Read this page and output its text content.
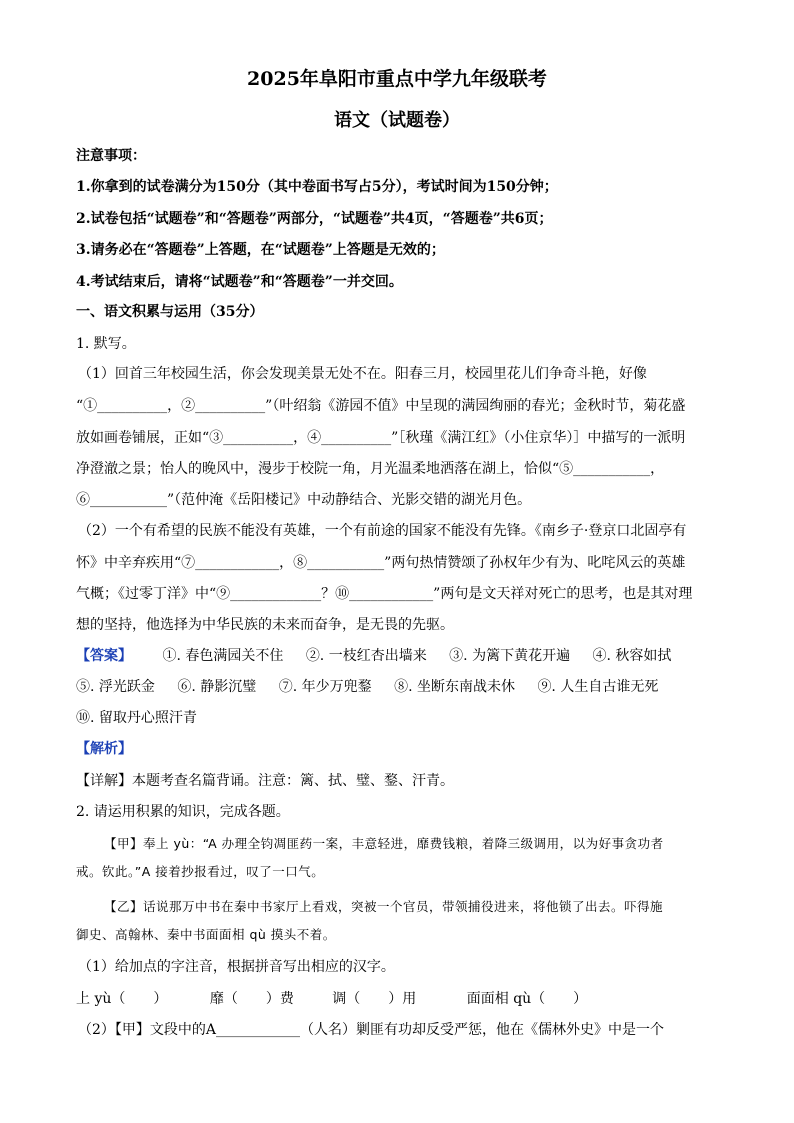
2025年阜阳市重点中学九年级联考
语文（试题卷）
注意事项：
1.你拿到的试卷满分为150分（其中卷面书写占5分），考试时间为150分钟；
2.试卷包括“试题卷”和“答题卷”两部分，“试题卷”共4页，“答题卷”共6页；
3.请务必在“答题卷”上答题，在“试题卷”上答题是无效的；
4.考试结束后，请将“试题卷”和“答题卷”一并交回。
一、语文积累与运用（35分）
1. 默写。
（1）回首三年校园生活，你会发现美景无处不在。阳春三月，校园里花儿们争奇斗艳，好像
“①__________，②__________”（叶绍翁《游园不值》中呈现的满园绚丽的春光；金秋时节，菊花盛
放如画卷铺展，正如“③__________，④__________”［秋瑾《满江红》（小住京华）］中描写的一派明
净澄澈之景；怡人的晚风中，漫步于校院一角，月光温柔地洒落在湖上，恰似“⑤___________，
⑥___________”（范仲淹《岳阳楼记》中动静结合、光影交错的湖光月色。
（2）一个有希望的民族不能没有英雄，一个有前途的国家不能没有先锋。《南乡子·登京口北固亭有
怀》中辛弃疾用“⑦____________，⑧___________”两句热情赞颂了孙权年少有为、叱咤风云的英雄
气概；《过零丁洋》中“⑨_____________？⑩____________”两句是文天祥对死亡的思考，也是其对理
想的坚持，他选择为中华民族的未来而奋争，是无畏的先驱。
【答案】 ①. 春色满园关不住 ②. 一枝红杏出墙来 ③. 为篱下黄花开遍 ④. 秋容如拭
⑤. 浮光跃金 ⑥. 静影沉璧 ⑦. 年少万兜鍪 ⑧. 坐断东南战未休 ⑨. 人生自古谁无死
⑩. 留取丹心照汗青
【解析】
【详解】本题考查名篇背诵。注意：篱、拭、璧、鍪、汗青。
2. 请运用积累的知识，完成各题。
【甲】奉上 yù：“A 办理全钧凋匪药一案，丰意轻进，靡费钱粮，着降三级调用，以为好事贪功者
戒。钦此。”A 接着抄报看过，叹了一口气。
【乙】话说那万中书在秦中书家厅上看戏，突被一个官员，带领捕役进来，将他锁了出去。吓得施
御史、高翰林、秦中书面面相 qù 摸头不着。
（1）给加点的字注音，根据拼音写出相应的汉字。
上 yù（　　）	靡（　　）费	调（　　）用	面面相 qù（　　）
（2）【甲】文段中的A____________（人名）剿匪有功却反受严惩，他在《儒林外史》中是一个
